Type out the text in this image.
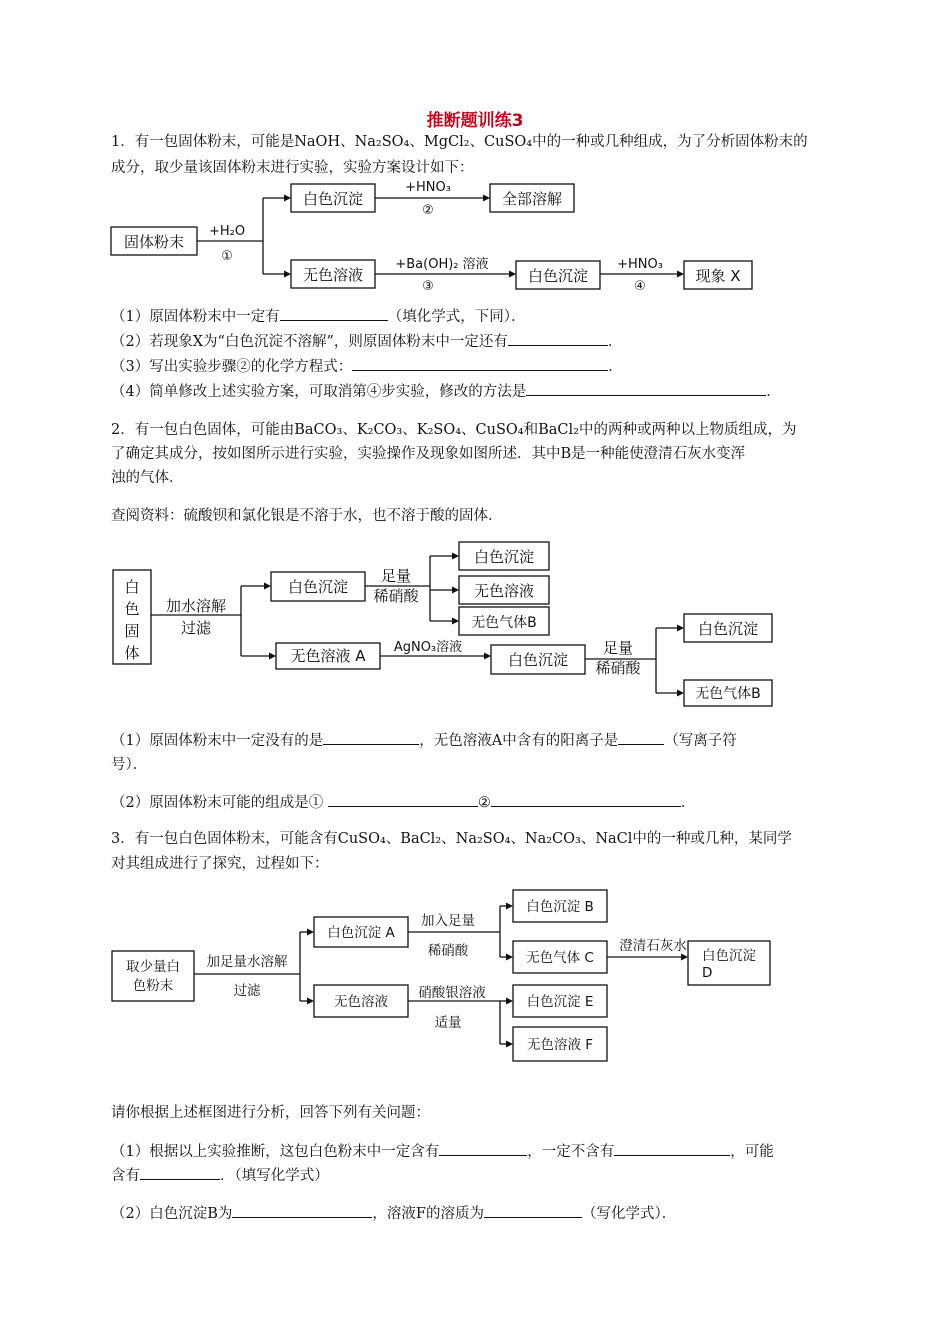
推断题训练3
1．有一包固体粉末，可能是NaOH、Na₂SO₄、MgCl₂、CuSO₄中的一种或几种组成，为了分析固体粉末的
成分，取少量该固体粉末进行实验，实验方案设计如下：
固体粉末
白色沉淀	全部溶解
无色溶液	白色沉淀	现象 X
+H₂O
①
+HNO₃
②
+Ba(OH)₂ 溶液
③
+HNO₃
④
白
色
固
体
加水溶解
过滤
白色沉淀
足量
稀硝酸
白色沉淀
无色溶液
无色气体B
无色溶液 A AgNO₃溶液
白色沉淀
足量
稀硝酸
白色沉淀
无色气体B
取少量白
色粉末
加足量水溶解
过滤
白色沉淀 A
加入足量
稀硝酸
白色沉淀 B
无色气体 C
澄清石灰水
白色沉淀
D
无色溶液
硝酸银溶液
适量
白色沉淀 E
无色溶液 F
（1）原固体粉末中一定有	（填化学式，下同）．
（2）若现象X为“白色沉淀不溶解”，则原固体粉末中一定还有	．
（3）写出实验步骤②的化学方程式：	．
（4）简单修改上述实验方案，可取消第④步实验，修改的方法是	．
2．有一包白色固体，可能由BaCO₃、K₂CO₃、K₂SO₄、CuSO₄和BaCl₂中的两种或两种以上物质组成，为
了确定其成分，按如图所示进行实验，实验操作及现象如图所述．其中B是一种能使澄清石灰水变浑
浊的气体．
查阅资料：硫酸钡和氯化银是不溶于水，也不溶于酸的固体．
（1）原固体粉末中一定没有的是	，无色溶液A中含有的阳离子是	（写离子符
号）．
（2）原固体粉末可能的组成是①	②	．
3．有一包白色固体粉末，可能含有CuSO₄、BaCl₂、Na₂SO₄、Na₂CO₃、NaCl中的一种或几种，某同学
对其组成进行了探究，过程如下：
请你根据上述框图进行分析，回答下列有关问题：
（1）根据以上实验推断，这包白色粉末中一定含有	，一定不含有	，可能
含有	．（填写化学式）
（2）白色沉淀B为	，溶液F的溶质为	（写化学式）．
